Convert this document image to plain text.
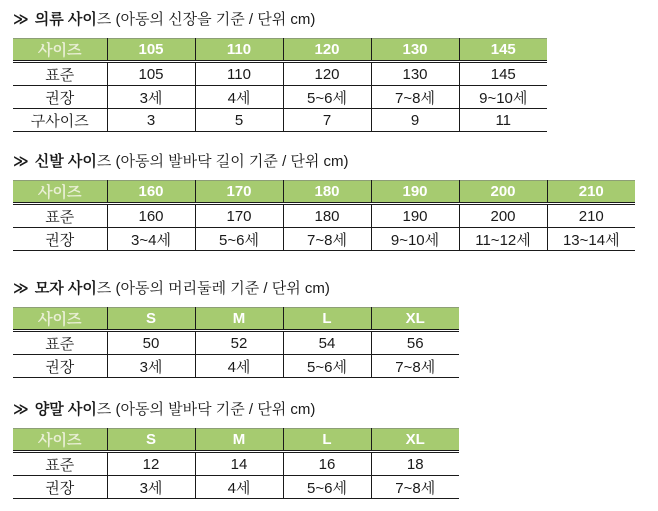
≫ 의류 사이즈 (아동의 신장을 기준 / 단위 cm)
사이즈	105	110	120	130	145
표준	105	110	120	130	145
권장	3세	4세	5~6세	7~8세	9~10세
구사이즈	3	5	7	9	11
≫ 신발 사이즈 (아동의 발바닥 길이 기준 / 단위 cm)
사이즈	160	170	180	190	200	210
표준	160	170	180	190	200	210
권장	3~4세	5~6세	7~8세	9~10세	11~12세	13~14세
≫ 모자 사이즈 (아동의 머리둘레 기준 / 단위 cm)
사이즈	S	M	L	XL
표준	50	52	54	56
권장	3세	4세	5~6세	7~8세
≫ 양말 사이즈 (아동의 발바닥 기준 / 단위 cm)
사이즈	S	M	L	XL
표준	12	14	16	18
권장	3세	4세	5~6세	7~8세
